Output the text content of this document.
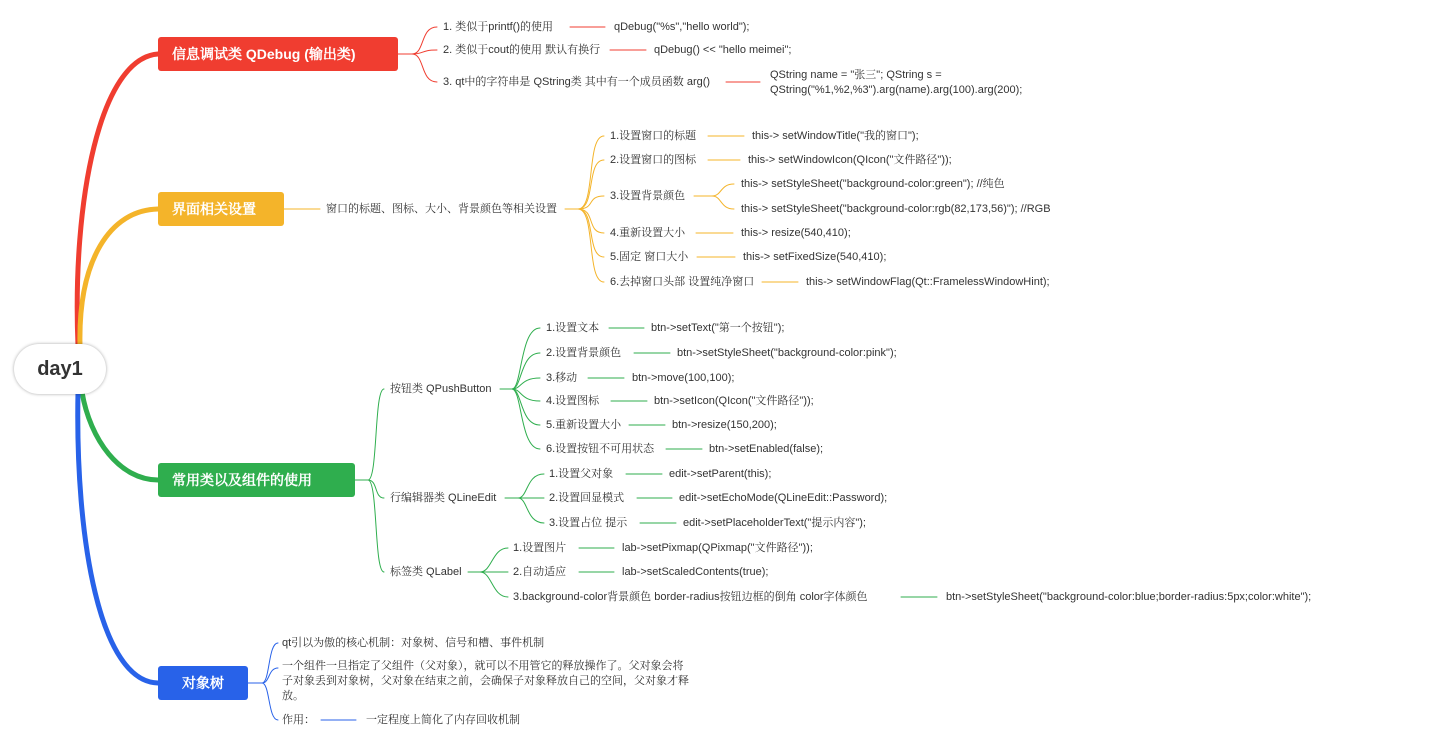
day1
信息调试类 QDebug (输出类)
1. 类似于printf()的使用	qDebug("%s","hello world");
2. 类似于cout的使用 默认有换行	qDebug() << "hello meimei";
3. qt中的字符串是 QString类 其中有一个成员函数 arg()
QString name = "张三"; QString s = QString("%1,%2,%3").arg(name).arg(100).arg(200);
界面相关设置	窗口的标题、图标、大小、背景颜色等相关设置
1.设置窗口的标题	this-> setWindowTitle("我的窗口");
2.设置窗口的图标	this-> setWindowIcon(QIcon("文件路径"));
3.设置背景颜色
this-> setStyleSheet("background-color:green"); //纯色
this-> setStyleSheet("background-color:rgb(82,173,56)"); //RGB
4.重新设置大小	this-> resize(540,410);
5.固定 窗口大小	this-> setFixedSize(540,410);
6.去掉窗口头部 设置纯净窗口	this-> setWindowFlag(Qt::FramelessWindowHint);
常用类以及组件的使用
按钮类 QPushButton
1.设置文本	btn->setText("第一个按钮");
2.设置背景颜色	btn->setStyleSheet("background-color:pink");
3.移动	btn->move(100,100);
4.设置图标	btn->setIcon(QIcon("文件路径"));
5.重新设置大小	btn->resize(150,200);
6.设置按钮不可用状态	btn->setEnabled(false);
行编辑器类 QLineEdit
1.设置父对象	edit->setParent(this);
2.设置回显模式	edit->setEchoMode(QLineEdit::Password);
3.设置占位 提示	edit->setPlaceholderText("提示内容");
标签类 QLabel
1.设置图片	lab->setPixmap(QPixmap("文件路径"));
2.自动适应	lab->setScaledContents(true);
3.background-color背景颜色 border-radius按钮边框的倒角 color字体颜色	btn->setStyleSheet("background-color:blue;border-radius:5px;color:white");
对象树
qt引以为傲的核心机制：对象树、信号和槽、事件机制
一个组件一旦指定了父组件（父对象），就可以不用管它的释放操作了。父对象会将子对象丢到对象树，父对象在结束之前，会确保子对象释放自己的空间，父对象才释放。
作用：	一定程度上简化了内存回收机制
